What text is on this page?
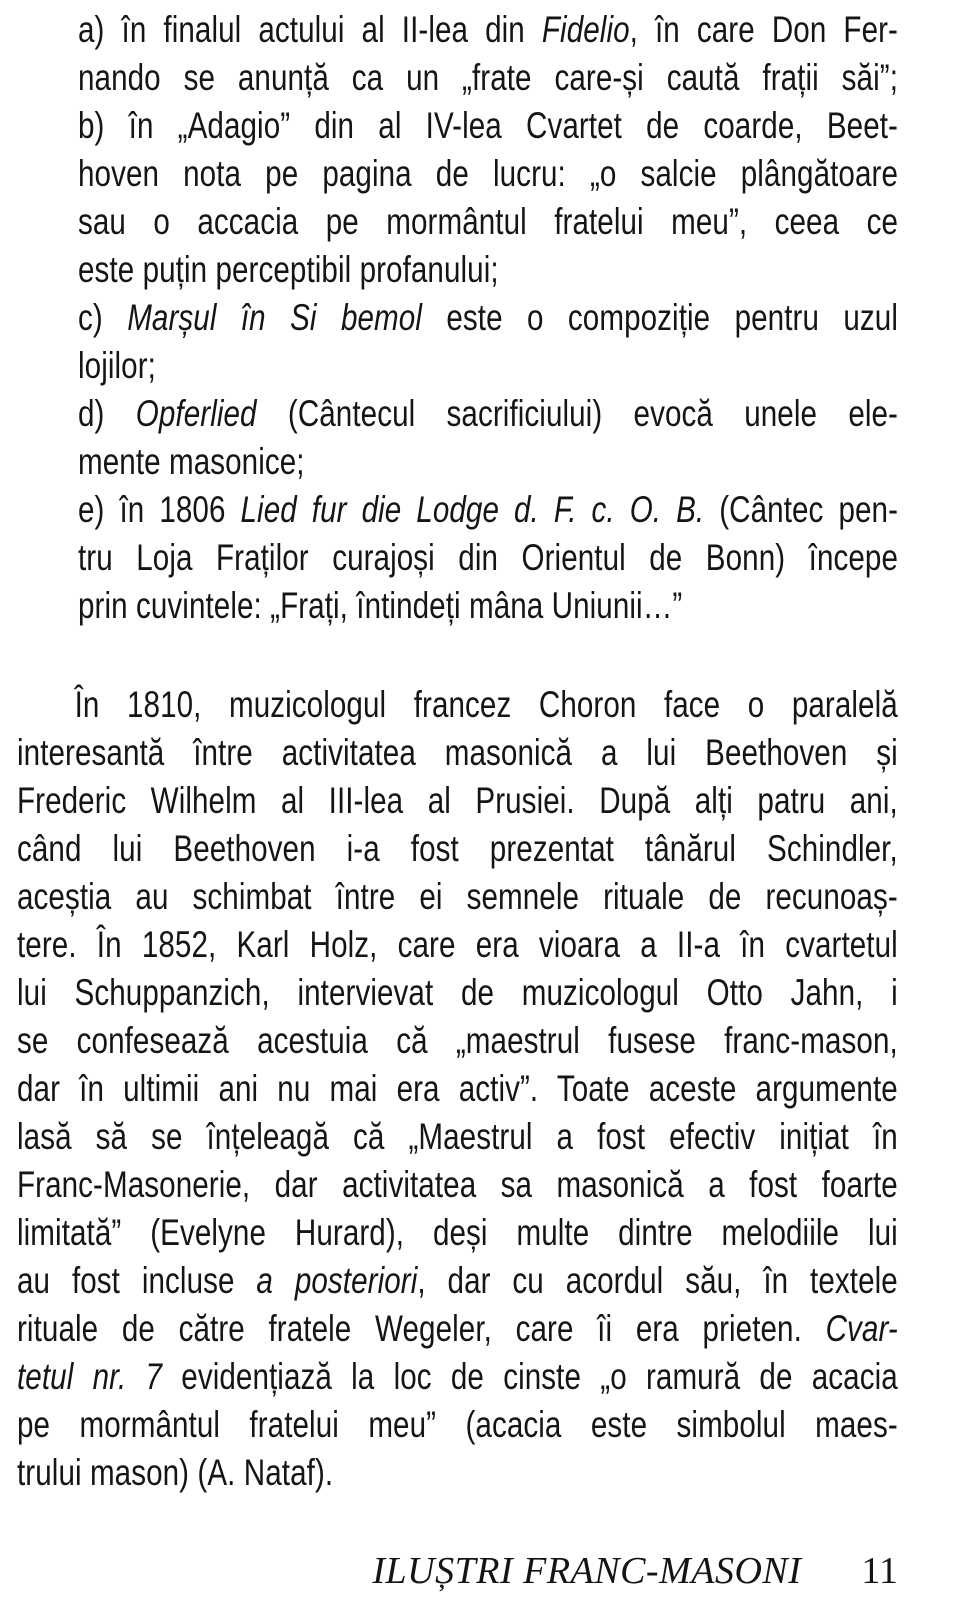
a) în finalul actului al II-lea din Fidelio, în care Don Fer-
nando se anunță ca un „frate care-și caută frații săi”;
b) în „Adagio” din al IV-lea Cvartet de coarde, Beet-
hoven nota pe pagina de lucru: „o salcie plângătoare
sau o accacia pe mormântul fratelui meu”, ceea ce
este puțin perceptibil profanului;
c) Marșul în Si bemol este o compoziție pentru uzul
lojilor;
d) Opferlied (Cântecul sacrificiului) evocă unele ele-
mente masonice;
e) în 1806 Lied fur die Lodge d. F. c. O. B. (Cântec pen-
tru Loja Fraților curajoși din Orientul de Bonn) începe
prin cuvintele: „Frați, întindeți mâna Uniunii…”
În 1810, muzicologul francez Choron face o paralelă
interesantă între activitatea masonică a lui Beethoven și
Frederic Wilhelm al III-lea al Prusiei. După alți patru ani,
când lui Beethoven i-a fost prezentat tânărul Schindler,
aceștia au schimbat între ei semnele rituale de recunoaș-
tere. În 1852, Karl Holz, care era vioara a II-a în cvartetul
lui Schuppanzich, intervievat de muzicologul Otto Jahn, i
se confesează acestuia că „maestrul fusese franc-mason,
dar în ultimii ani nu mai era activ”. Toate aceste argumente
lasă să se înțeleagă că „Maestrul a fost efectiv inițiat în
Franc-Masonerie, dar activitatea sa masonică a fost foarte
limitată” (Evelyne Hurard), deși multe dintre melodiile lui
au fost incluse a posteriori, dar cu acordul său, în textele
rituale de către fratele Wegeler, care îi era prieten. Cvar-
tetul nr. 7 evidențiază la loc de cinste „o ramură de acacia
pe mormântul fratelui meu” (acacia este simbolul maes-
trului mason) (A. Nataf).
ILUȘTRI FRANC-MASONI 11
